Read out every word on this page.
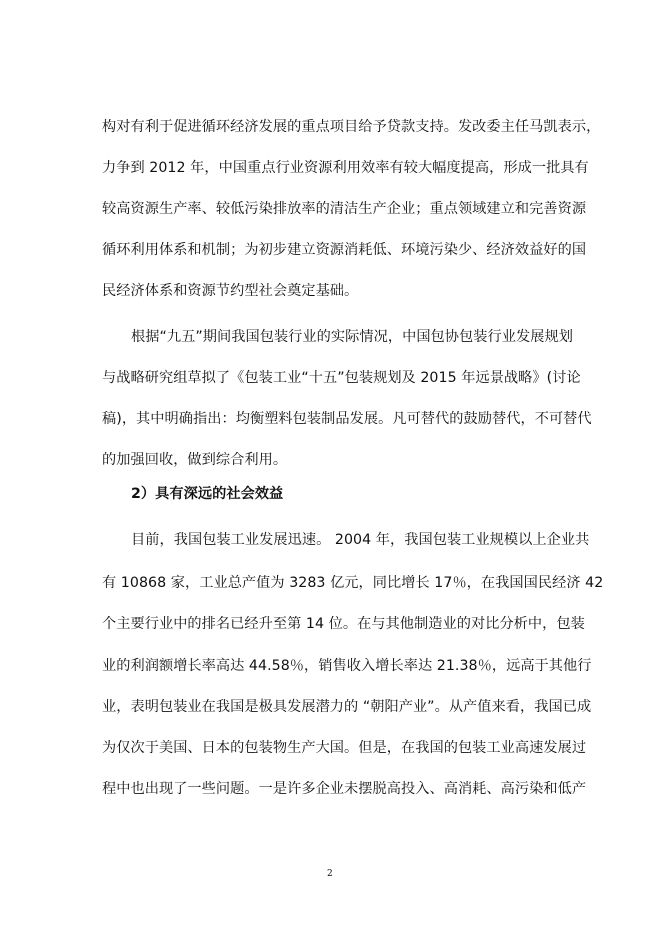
构对有利于促进循环经济发展的重点项目给予贷款支持。发改委主任马凯表示，
力争到 2012 年，中国重点行业资源利用效率有较大幅度提高，形成一批具有
较高资源生产率、较低污染排放率的清洁生产企业；重点领域建立和完善资源
循环利用体系和机制；为初步建立资源消耗低、环境污染少、经济效益好的国
民经济体系和资源节约型社会奠定基础。
根据“九五”期间我国包装行业的实际情况，中国包协包装行业发展规划
与战略研究组草拟了《包装工业“十五”包装规划及 2015 年远景战略》(讨论
稿)，其中明确指出：均衡塑料包装制品发展。凡可替代的鼓励替代，不可替代
的加强回收，做到综合利用。
2）具有深远的社会效益
目前，我国包装工业发展迅速。 2004 年，我国包装工业规模以上企业共
有 10868 家，工业总产值为 3283 亿元，同比增长 17％，在我国国民经济 42
个主要行业中的排名已经升至第 14 位。在与其他制造业的对比分析中，包装
业的利润额增长率高达 44.58％，销售收入增长率达 21.38％，远高于其他行
业，表明包装业在我国是极具发展潜力的 “朝阳产业”。从产值来看，我国已成
为仅次于美国、日本的包装物生产大国。但是，在我国的包装工业高速发展过
程中也出现了一些问题。一是许多企业未摆脱高投入、高消耗、高污染和低产
2
